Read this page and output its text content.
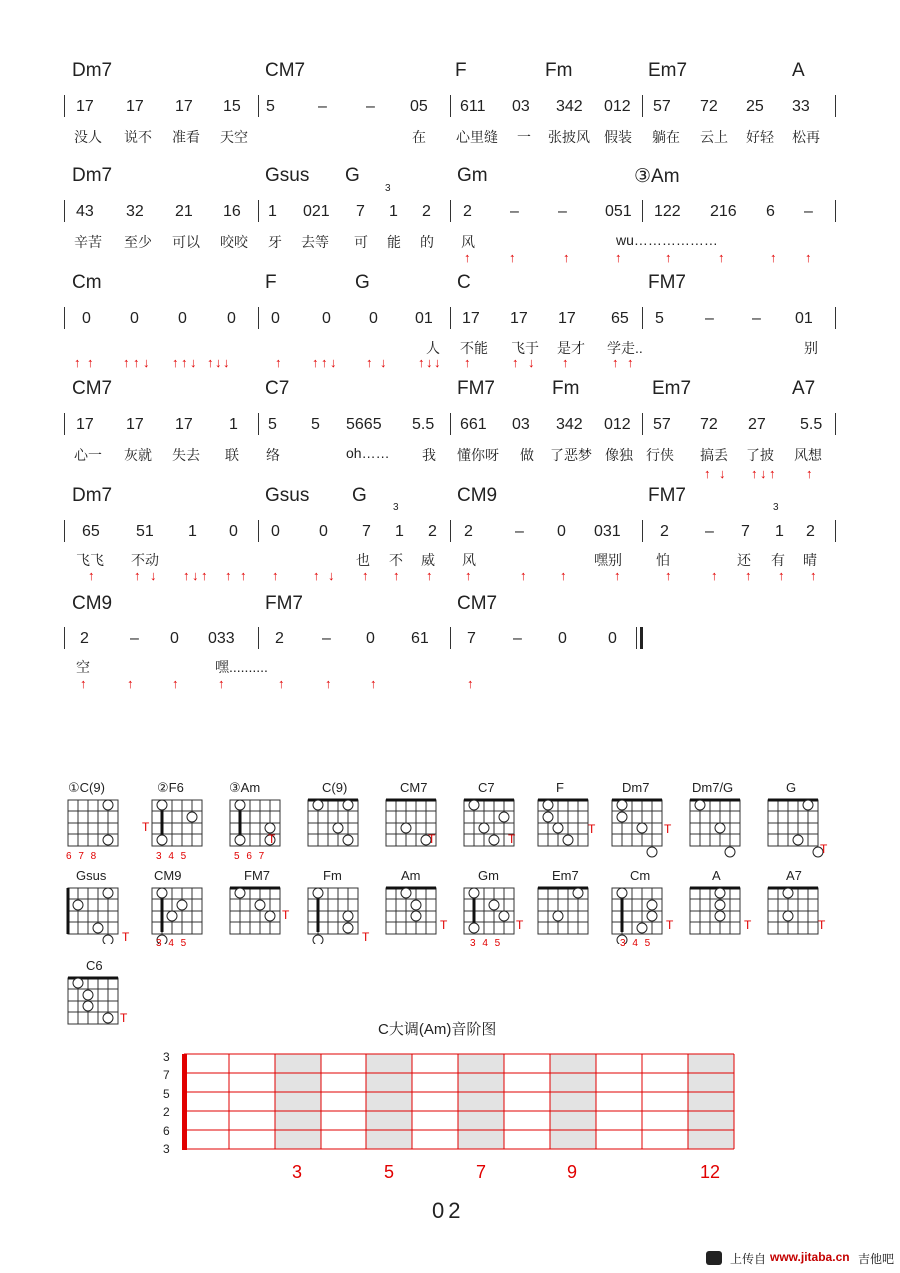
Dm7	CM7	F	Fm	Em7	A
17 17 17 15 5	– – 05 611 03 342 012 57 72 25 33
没人 说不 准看 天空	在 心里缝 一 张披风 假装 躺在 云上 好轻 松再
Dm7	Gsus G	Gm	③Am
3
43 32 21 16 1 021 7 1 2 2 – – 051 122 216 6 –
辛苦 至少 可以 咬咬 牙 去等 可 能 的 风	wu………………
↑	↑	↑	↑	↑	↑	↑ ↑
Cm	F	G	C	FM7
0 0 0	0 0	0 0 01 17 17 17 65 5	– – 01
人 不能 飞于 是才 学走..	别
↑ ↑ ↑ ↑ ↓ ↑ ↑ ↓ ↑ ↓ ↓	↑ ↑ ↑ ↓ ↑ ↓ ↑ ↓ ↓ ↑	↑ ↓ ↑	↑ ↑
CM7	C7	FM7	Fm	Em7	A7
17 17 17 1 5 5 5665 5.5 661 03 342 012 57 72 27 5.5
心一 灰就 失去 联 络	oh…… 我 懂你呀 做 了恶梦 像独 行侠 搞丢 了披 风想
↑ ↓ ↑ ↓ ↑ ↑
Dm7	Gsus G	CM9	FM7
3	3
65 51 1 0 0 0 7 1 2 2	– 0 031 2 – 7 1 2
飞飞 不动	也 不 威 风	嘿别 怕	还 有 晴
↑	↑ ↓ ↑ ↓ ↑ ↑ ↑ ↑	↑ ↓ ↑ ↑ ↑	↑	↑	↑	↑	↑	↑ ↑ ↑ ↑
CM9	FM7	CM7
2	– 0 033	2 – 0 61 7 – 0	0
空	嘿..........
↑	↑	↑	↑	↑	↑	↑	↑
①C(9)	②F6	③Am	C(9)	CM7	C7	F	Dm7	Dm7/G	G
T
T	T	T
T	T
T
6 7 8	3 4 5	5 6 7
Gsus	CM9	FM7	Fm	Am	Gm	Em7	Cm	A	A7
T
T
T
T	T	T	T	T
3 4 5	3 4 5	3 4 5
C6
T
C大调(Am)音阶图
3
7
5
2
6
3
3	5	7	9	12
02
上传自 www.jitaba.cn 吉他吧
